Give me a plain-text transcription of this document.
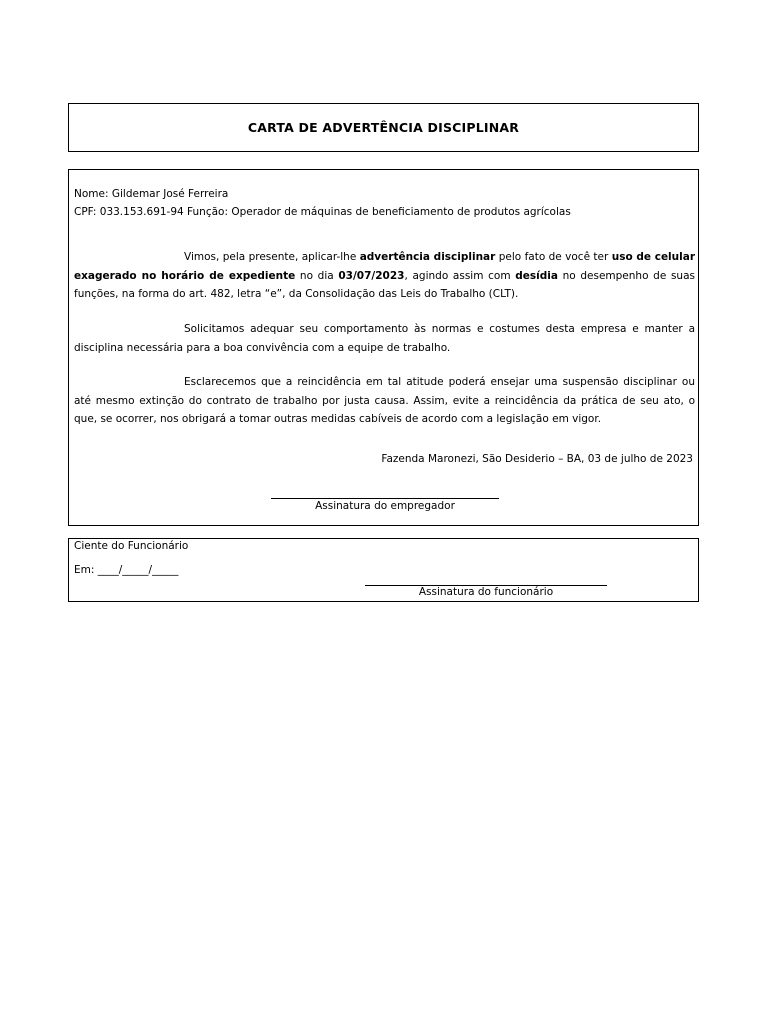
CARTA DE ADVERTÊNCIA DISCIPLINAR
Nome: Gildemar José Ferreira
CPF: 033.153.691-94 Função: Operador de máquinas de beneficiamento de produtos agrícolas

Vimos, pela presente, aplicar-lhe advertência disciplinar pelo fato de você ter uso de celular exagerado no horário de expediente no dia 03/07/2023, agindo assim com desídia no desempenho de suas funções, na forma do art. 482, letra “e”, da Consolidação das Leis do Trabalho (CLT).

Solicitamos adequar seu comportamento às normas e costumes desta empresa e manter a disciplina necessária para a boa convivência com a equipe de trabalho.

Esclarecemos que a reincidência em tal atitude poderá ensejar uma suspensão disciplinar ou até mesmo extinção do contrato de trabalho por justa causa. Assim, evite a reincidência da prática de seu ato, o que, se ocorrer, nos obrigará a tomar outras medidas cabíveis de acordo com a legislação em vigor.

Fazenda Maronezi, São Desiderio – BA, 03 de julho de 2023
Assinatura do empregador
Ciente do Funcionário
Em: ____/_____/_____
Assinatura do funcionário
